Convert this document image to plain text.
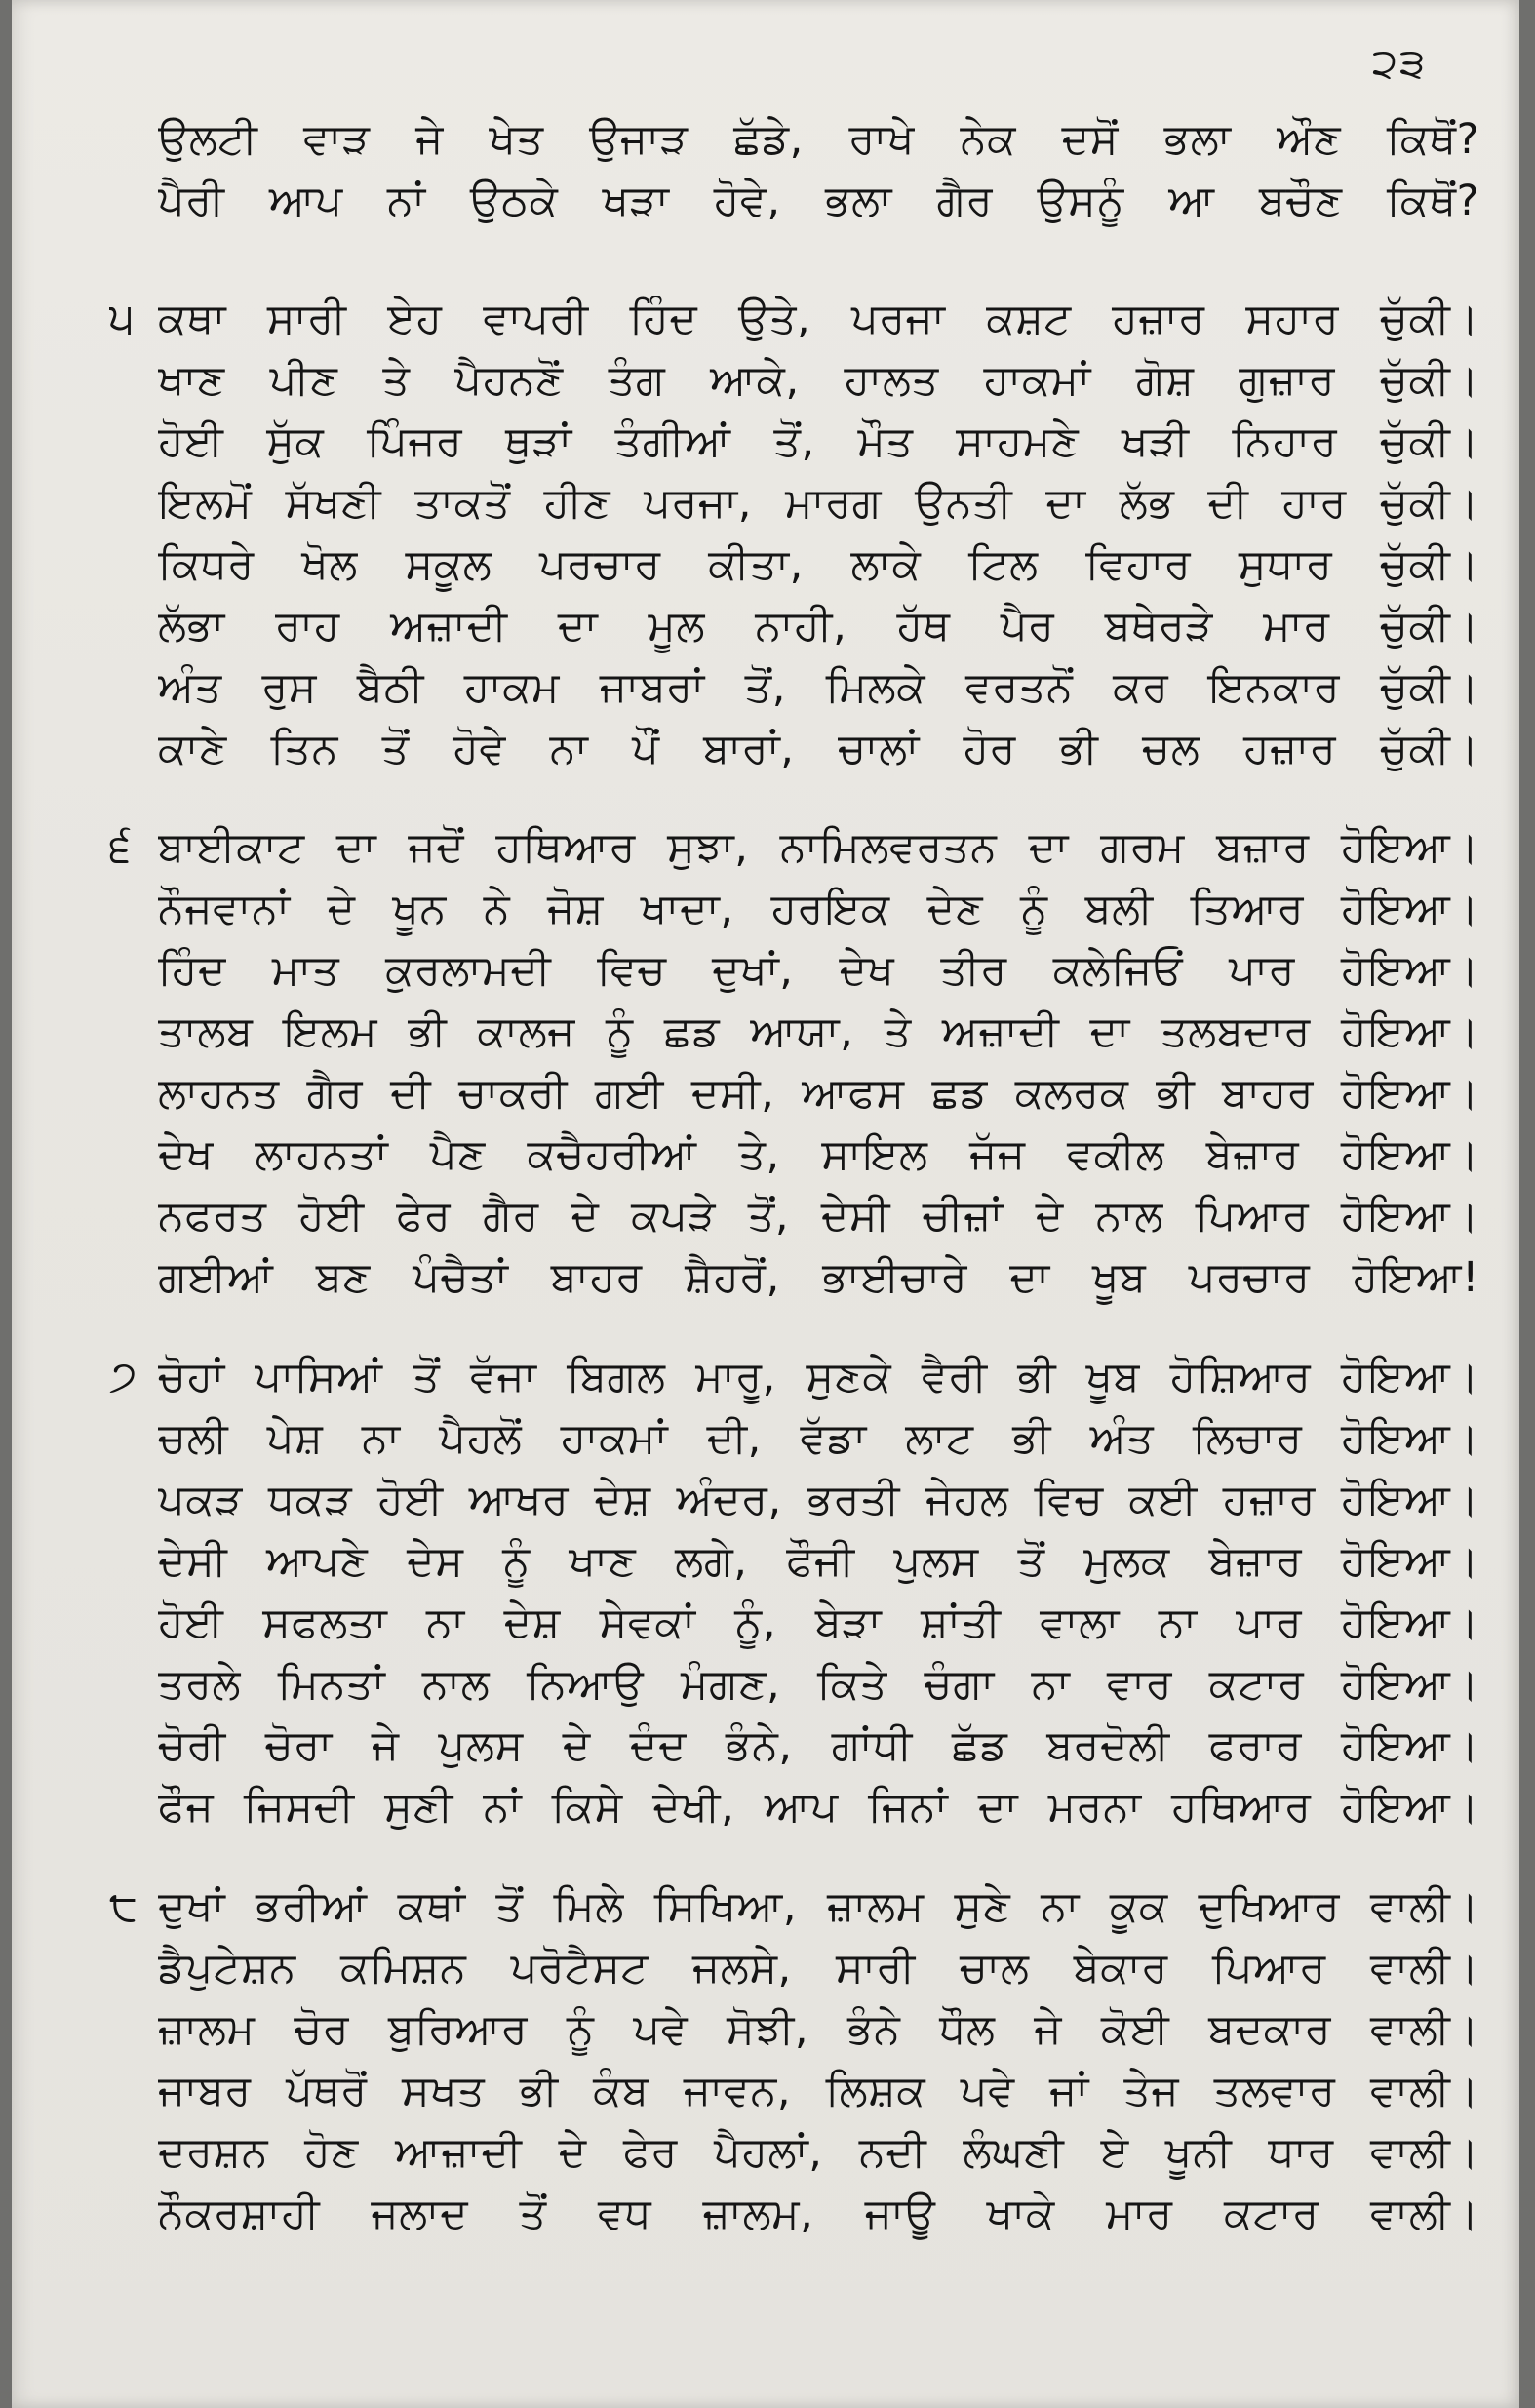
੨੩
ਉਲਟੀ ਵਾੜ ਜੇ ਖੇਤ ਉਜਾੜ ਛੱਡੇ, ਰਾਖੇ ਨੇਕ ਦਸੋਂ ਭਲਾ ਔਣ ਕਿਥੋਂ?
ਪੈਰੀ ਆਪ ਨਾਂ ਉਠਕੇ ਖੜਾ ਹੋਵੇ, ਭਲਾ ਗੈਰ ਉਸਨੂੰ ਆ ਬਚੌਣ ਕਿਥੋਂ?
੫ ਕਥਾ ਸਾਰੀ ਏਹ ਵਾਪਰੀ ਹਿੰਦ ਉਤੇ, ਪਰਜਾ ਕਸ਼ਟ ਹਜ਼ਾਰ ਸਹਾਰ ਚੁੱਕੀ।
ਖਾਣ ਪੀਣ ਤੇ ਪੈਹਨਣੋਂ ਤੰਗ ਆਕੇ, ਹਾਲਤ ਹਾਕਮਾਂ ਗੋਸ਼ ਗੁਜ਼ਾਰ ਚੁੱਕੀ।
ਹੋਈ ਸੁੱਕ ਪਿੰਜਰ ਥੁੜਾਂ ਤੰਗੀਆਂ ਤੋਂ, ਮੌਤ ਸਾਹਮਣੇ ਖੜੀ ਨਿਹਾਰ ਚੁੱਕੀ।
ਇਲਮੋਂ ਸੱਖਣੀ ਤਾਕਤੋਂ ਹੀਣ ਪਰਜਾ, ਮਾਰਗ ਉਨਤੀ ਦਾ ਲੱਭ ਦੀ ਹਾਰ ਚੁੱਕੀ।
ਕਿਧਰੇ ਖੋਲ ਸਕੂਲ ਪਰਚਾਰ ਕੀਤਾ, ਲਾਕੇ ਟਿਲ ਵਿਹਾਰ ਸੁਧਾਰ ਚੁੱਕੀ।
ਲੱਭਾ ਰਾਹ ਅਜ਼ਾਦੀ ਦਾ ਮੂਲ ਨਾਹੀ, ਹੱਥ ਪੈਰ ਬਥੇਰੜੇ ਮਾਰ ਚੁੱਕੀ।
ਅੰਤ ਰੁਸ ਬੈਠੀ ਹਾਕਮ ਜਾਬਰਾਂ ਤੋਂ, ਮਿਲਕੇ ਵਰਤਨੋਂ ਕਰ ਇਨਕਾਰ ਚੁੱਕੀ।
ਕਾਣੇ ਤਿਨ ਤੋਂ ਹੋਵੇ ਨਾ ਪੌਂ ਬਾਰਾਂ, ਚਾਲਾਂ ਹੋਰ ਭੀ ਚਲ ਹਜ਼ਾਰ ਚੁੱਕੀ।
੬ ਬਾਈਕਾਟ ਦਾ ਜਦੋਂ ਹਥਿਆਰ ਸੁਝਾ, ਨਾਮਿਲਵਰਤਨ ਦਾ ਗਰਮ ਬਜ਼ਾਰ ਹੋਇਆ।
ਨੌਜਵਾਨਾਂ ਦੇ ਖੂਨ ਨੇ ਜੋਸ਼ ਖਾਦਾ, ਹਰਇਕ ਦੇਣ ਨੂੰ ਬਲੀ ਤਿਆਰ ਹੋਇਆ।
ਹਿੰਦ ਮਾਤ ਕੁਰਲਾਮਦੀ ਵਿਚ ਦੁਖਾਂ, ਦੇਖ ਤੀਰ ਕਲੇਜਿਓਂ ਪਾਰ ਹੋਇਆ।
ਤਾਲਬ ਇਲਮ ਭੀ ਕਾਲਜ ਨੂੰ ਛਡ ਆਯਾ, ਤੇ ਅਜ਼ਾਦੀ ਦਾ ਤਲਬਦਾਰ ਹੋਇਆ।
ਲਾਹਨਤ ਗੈਰ ਦੀ ਚਾਕਰੀ ਗਈ ਦਸੀ, ਆਫਸ ਛਡ ਕਲਰਕ ਭੀ ਬਾਹਰ ਹੋਇਆ।
ਦੇਖ ਲਾਹਨਤਾਂ ਪੈਣ ਕਚੈਹਰੀਆਂ ਤੇ, ਸਾਇਲ ਜੱਜ ਵਕੀਲ ਬੇਜ਼ਾਰ ਹੋਇਆ।
ਨਫਰਤ ਹੋਈ ਫੇਰ ਗੈਰ ਦੇ ਕਪੜੇ ਤੋਂ, ਦੇਸੀ ਚੀਜ਼ਾਂ ਦੇ ਨਾਲ ਪਿਆਰ ਹੋਇਆ।
ਗਈਆਂ ਬਣ ਪੰਚੈਤਾਂ ਬਾਹਰ ਸ਼ੈਹਰੋਂ, ਭਾਈਚਾਰੇ ਦਾ ਖੂਬ ਪਰਚਾਰ ਹੋਇਆ!
੭ ਚੋਹਾਂ ਪਾਸਿਆਂ ਤੋਂ ਵੱਜਾ ਬਿਗਲ ਮਾਰੂ, ਸੁਣਕੇ ਵੈਰੀ ਭੀ ਖੂਬ ਹੋਸ਼ਿਆਰ ਹੋਇਆ।
ਚਲੀ ਪੇਸ਼ ਨਾ ਪੈਹਲੋਂ ਹਾਕਮਾਂ ਦੀ, ਵੱਡਾ ਲਾਟ ਭੀ ਅੰਤ ਲਿਚਾਰ ਹੋਇਆ।
ਪਕੜ ਧਕੜ ਹੋਈ ਆਖਰ ਦੇਸ਼ ਅੰਦਰ, ਭਰਤੀ ਜੇਹਲ ਵਿਚ ਕਈ ਹਜ਼ਾਰ ਹੋਇਆ।
ਦੇਸੀ ਆਪਣੇ ਦੇਸ ਨੂੰ ਖਾਣ ਲਗੇ, ਫੌਜੀ ਪੁਲਸ ਤੋਂ ਮੁਲਕ ਬੇਜ਼ਾਰ ਹੋਇਆ।
ਹੋਈ ਸਫਲਤਾ ਨਾ ਦੇਸ਼ ਸੇਵਕਾਂ ਨੂੰ, ਬੇੜਾ ਸ਼ਾਂਤੀ ਵਾਲਾ ਨਾ ਪਾਰ ਹੋਇਆ।
ਤਰਲੇ ਮਿਨਤਾਂ ਨਾਲ ਨਿਆਉ ਮੰਗਣ, ਕਿਤੇ ਚੰਗਾ ਨਾ ਵਾਰ ਕਟਾਰ ਹੋਇਆ।
ਚੋਰੀ ਚੋਰਾ ਜੇ ਪੁਲਸ ਦੇ ਦੰਦ ਭੰਨੇ, ਗਾਂਧੀ ਛੱਡ ਬਰਦੋਲੀ ਫਰਾਰ ਹੋਇਆ।
ਫੌਜ ਜਿਸਦੀ ਸੁਣੀ ਨਾਂ ਕਿਸੇ ਦੇਖੀ, ਆਪ ਜਿਨਾਂ ਦਾ ਮਰਨਾ ਹਥਿਆਰ ਹੋਇਆ।
੮ ਦੁਖਾਂ ਭਰੀਆਂ ਕਥਾਂ ਤੋਂ ਮਿਲੇ ਸਿਖਿਆ, ਜ਼ਾਲਮ ਸੁਣੇ ਨਾ ਕੂਕ ਦੁਖਿਆਰ ਵਾਲੀ।
ਡੈਪੁਟੇਸ਼ਨ ਕਮਿਸ਼ਨ ਪਰੋਟੈਸਟ ਜਲਸੇ, ਸਾਰੀ ਚਾਲ ਬੇਕਾਰ ਪਿਆਰ ਵਾਲੀ।
ਜ਼ਾਲਮ ਚੋਰ ਬੁਰਿਆਰ ਨੂੰ ਪਵੇ ਸੋਝੀ, ਭੰਨੇ ਧੌਲ ਜੇ ਕੋਈ ਬਦਕਾਰ ਵਾਲੀ।
ਜਾਬਰ ਪੱਥਰੋਂ ਸਖਤ ਭੀ ਕੰਬ ਜਾਵਨ, ਲਿਸ਼ਕ ਪਵੇ ਜਾਂ ਤੇਜ ਤਲਵਾਰ ਵਾਲੀ।
ਦਰਸ਼ਨ ਹੋਣ ਆਜ਼ਾਦੀ ਦੇ ਫੇਰ ਪੈਹਲਾਂ, ਨਦੀ ਲੰਘਣੀ ਏ ਖੂਨੀ ਧਾਰ ਵਾਲੀ।
ਨੌਕਰਸ਼ਾਹੀ ਜਲਾਦ ਤੋਂ ਵਧ ਜ਼ਾਲਮ, ਜਾਊ ਖਾਕੇ ਮਾਰ ਕਟਾਰ ਵਾਲੀ।
